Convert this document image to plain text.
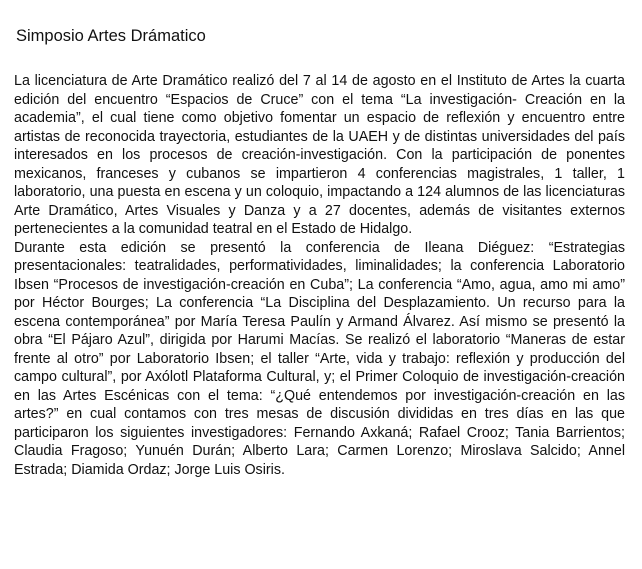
Simposio Artes Drámatico

La licenciatura de Arte Dramático realizó del 7 al 14 de agosto en el Instituto de Artes la cuarta edición del encuentro “Espacios de Cruce” con el tema “La investigación- Creación en la academia”, el cual tiene como objetivo fomentar un espacio de reflexión y encuentro entre artistas de reconocida trayectoria, estudiantes de la UAEH y de distintas universidades del país interesados en los procesos de creación-investigación. Con la participación de ponentes mexicanos, franceses y cubanos se impartieron 4 conferencias magistrales, 1 taller, 1 laboratorio, una puesta en escena y un coloquio, impactando a 124 alumnos de las licenciaturas Arte Dramático, Artes Visuales y Danza y a 27 docentes, además de visitantes externos pertenecientes a la comunidad teatral en el Estado de Hidalgo.

Durante esta edición se presentó la conferencia de Ileana Diéguez: “Estrategias presentacionales: teatralidades, performatividades, liminalidades; la conferencia Laboratorio Ibsen “Procesos de investigación-creación en Cuba”; La conferencia “Amo, agua, amo mi amo” por Héctor Bourges; La conferencia “La Disciplina del Desplazamiento. Un recurso para la escena contemporánea” por María Teresa Paulín y Armand Álvarez. Así mismo se presentó la obra “El Pájaro Azul”, dirigida por Harumi Macías. Se realizó el laboratorio “Maneras de estar frente al otro” por Laboratorio Ibsen; el taller “Arte, vida y trabajo: reflexión y producción del campo cultural”, por Axólotl Plataforma Cultural, y; el Primer Coloquio de investigación-creación en las Artes Escénicas con el tema: “¿Qué entendemos por investigación-creación en las artes?” en cual contamos con tres mesas de discusión divididas en tres días en las que participaron los siguientes investigadores: Fernando Axkaná; Rafael Crooz; Tania Barrientos; Claudia Fragoso; Yunuén Durán; Alberto Lara; Carmen Lorenzo; Miroslava Salcido; Annel Estrada; Diamida Ordaz; Jorge Luis Osiris.
